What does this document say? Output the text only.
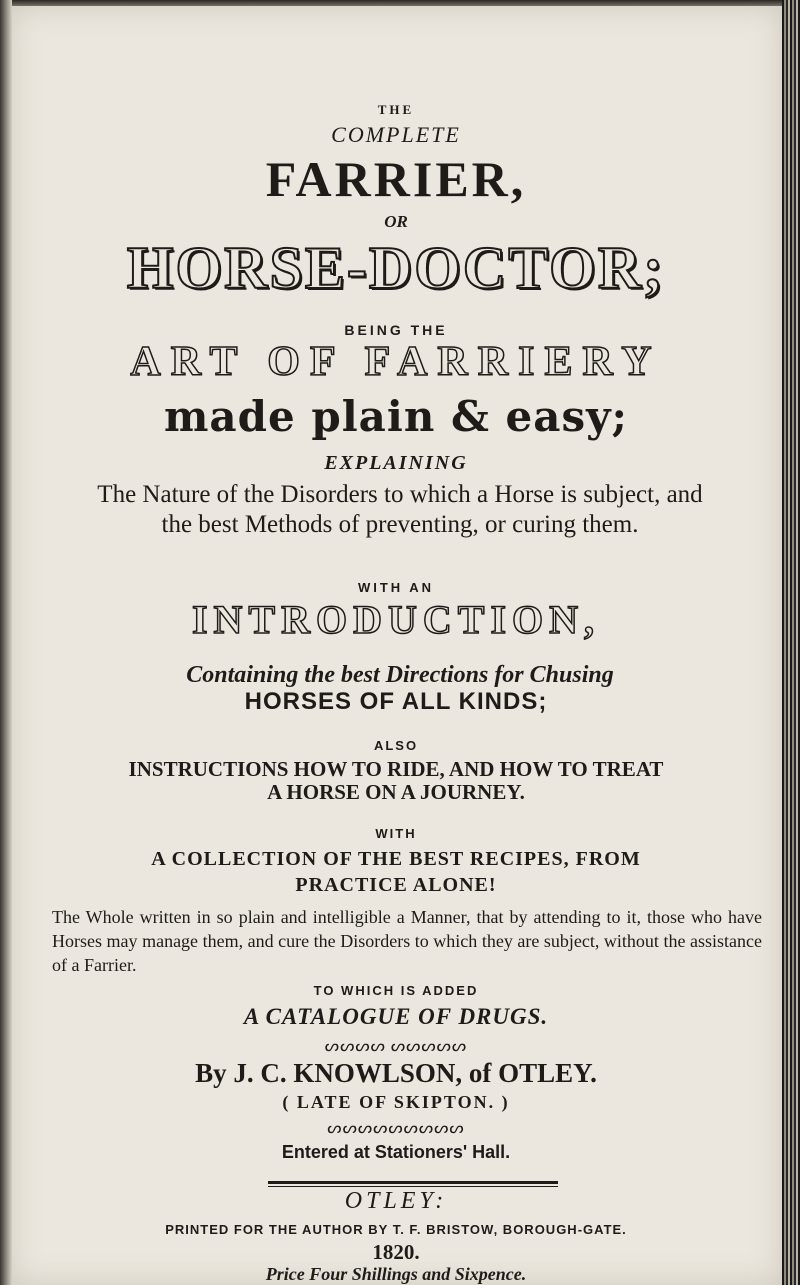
THE

COMPLETE

FARRIER,

OR

HORSE-DOCTOR;

BEING THE

ART OF FARRIERY

made plain & easy;

EXPLAINING

The Nature of the Disorders to which a Horse is subject, and the best Methods of preventing, or curing them.

WITH AN

INTRODUCTION,

Containing the best Directions for Chusing

HORSES OF ALL KINDS;

ALSO

INSTRUCTIONS HOW TO RIDE, AND HOW TO TREAT

A HORSE ON A JOURNEY.

WITH

A COLLECTION OF THE BEST RECIPES, FROM

PRACTICE ALONE!

The Whole written in so plain and intelligible a Manner, that by attending to it, those who have Horses may manage them, and cure the Disorders to which they are subject, without the assistance of a Farrier.

TO WHICH IS ADDED

A CATALOGUE OF DRUGS.

ᔕᔕᔕᔕ ᔕᔕᔕᔕᔕ

By J. C. KNOWLSON, of OTLEY.

( LATE OF SKIPTON. )

ᔕᔕᔕᔕᔕᔕᔕᔕᔕ

Entered at Stationers' Hall.

OTLEY:

PRINTED FOR THE AUTHOR BY T. F. BRISTOW, BOROUGH-GATE.

1820.

Price Four Shillings and Sixpence.
